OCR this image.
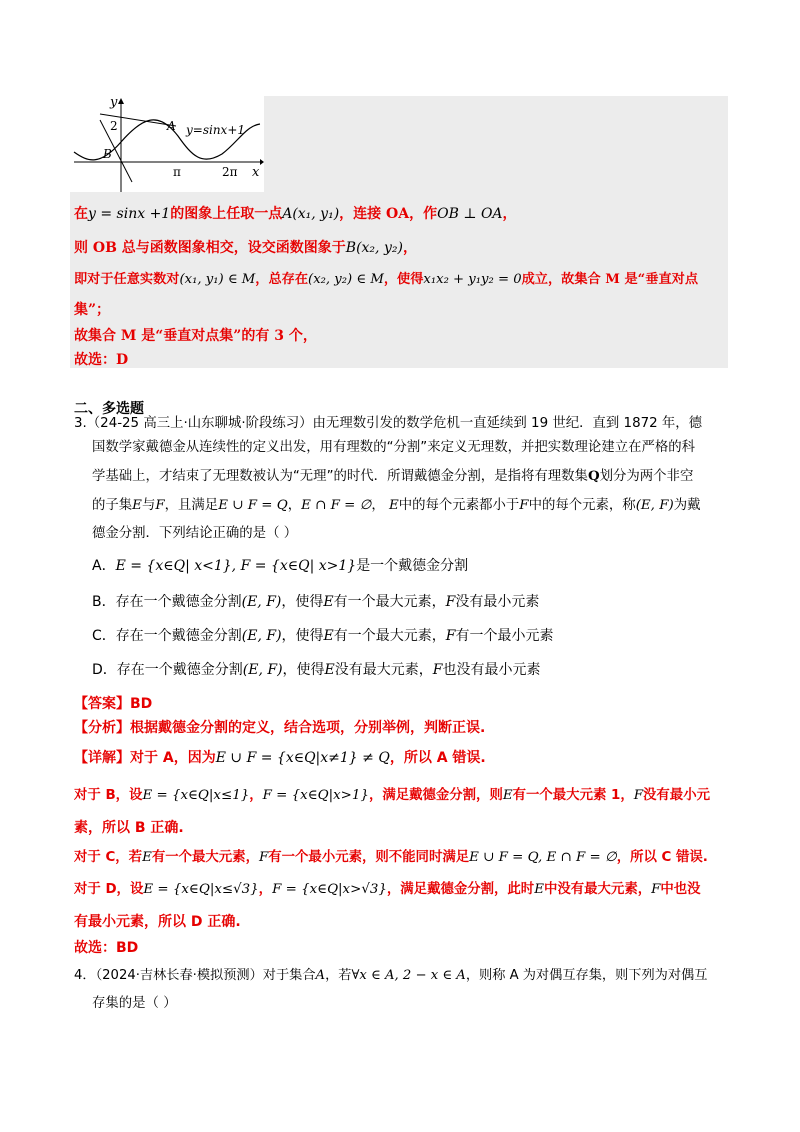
y
x
2	A
B
y=sinx+1
π	2π
在y = sinx +1的图象上任取一点A(x₁, y₁)，连接 OA，作OB ⊥ OA，
则 OB 总与函数图象相交，设交函数图象于B(x₂, y₂)，
即对于任意实数对(x₁, y₁) ∈ M，总存在(x₂, y₂) ∈ M，使得x₁x₂ + y₁y₂ = 0成立，故集合 M 是“垂直对点
集”；
故集合 M 是“垂直对点集”的有 3 个，
故选：D
二、多选题
3.（24-25 高三上·山东聊城·阶段练习）由无理数引发的数学危机一直延续到 19 世纪．直到 1872 年，德
国数学家戴德金从连续性的定义出发，用有理数的“分割”来定义无理数，并把实数理论建立在严格的科
学基础上，才结束了无理数被认为“无理”的时代．所谓戴德金分割，是指将有理数集Q划分为两个非空
的子集E与F，且满足E ∪ F = Q，E ∩ F = ∅， E中的每个元素都小于F中的每个元素，称(E, F)为戴
德金分割．下列结论正确的是（ ）
A．E = {x∈Q| x<1}, F = {x∈Q| x>1}是一个戴德金分割
B．存在一个戴德金分割(E, F)，使得E有一个最大元素，F没有最小元素
C．存在一个戴德金分割(E, F)，使得E有一个最大元素，F有一个最小元素
D．存在一个戴德金分割(E, F)，使得E没有最大元素，F也没有最小元素
【答案】BD
【分析】根据戴德金分割的定义，结合选项，分别举例，判断正误.
【详解】对于 A，因为E ∪ F = {x∈Q|x≠1} ≠ Q，所以 A 错误.
对于 B，设E = {x∈Q|x≤1}，F = {x∈Q|x>1}，满足戴德金分割，则E有一个最大元素 1，F没有最小元
素，所以 B 正确.
对于 C，若E有一个最大元素，F有一个最小元素，则不能同时满足E ∪ F = Q, E ∩ F = ∅，所以 C 错误.
对于 D，设E = {x∈Q|x≤√3}，F = {x∈Q|x>√3}，满足戴德金分割，此时E中没有最大元素，F中也没
有最小元素，所以 D 正确.
故选：BD
4．（2024·吉林长春·模拟预测）对于集合A，若∀x ∈ A, 2 − x ∈ A，则称 A 为对偶互存集，则下列为对偶互
存集的是（ ）
